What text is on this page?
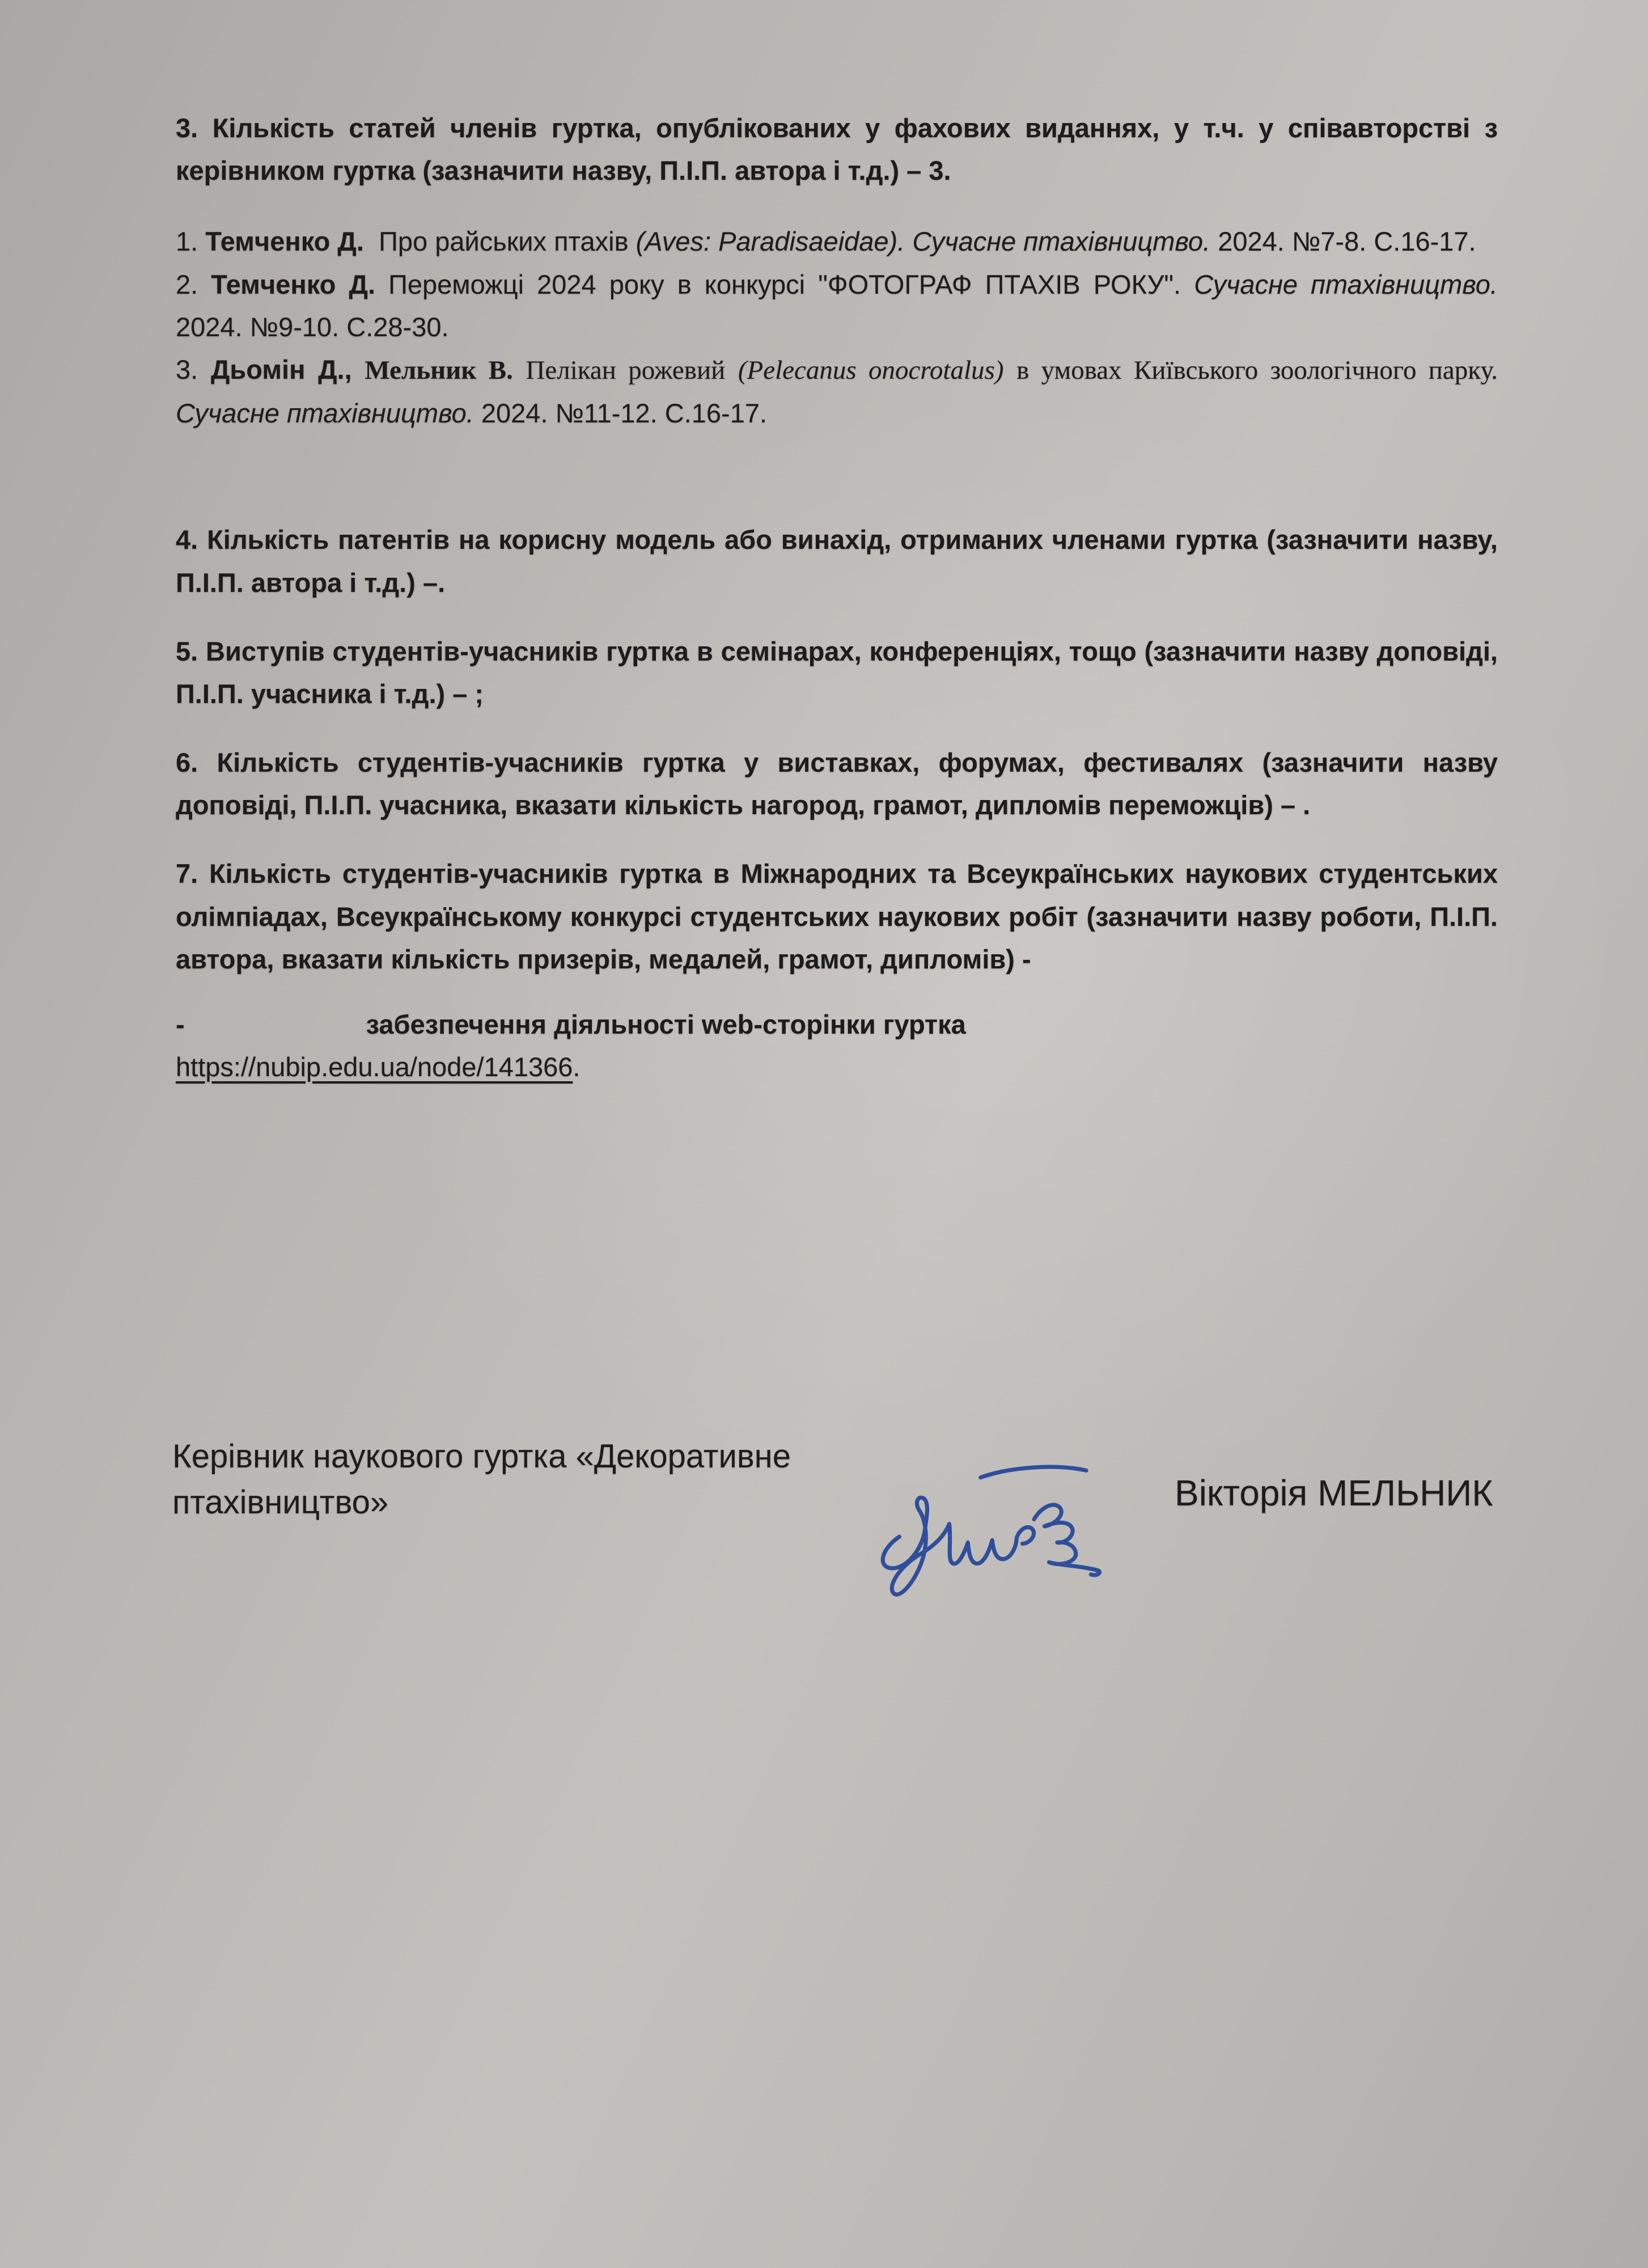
3. Кількість статей членів гуртка, опублікованих у фахових виданнях, у т.ч. у співавторстві з керівником гуртка (зазначити назву, П.І.П. автора і т.д.) – 3.

1. Темченко Д. Про райських птахів (Aves: Paradisaeidae). Сучасне птахівництво. 2024. №7-8. С.16-17.

2. Темченко Д. Переможці 2024 року в конкурсі "ФОТОГРАФ ПТАХІВ РОКУ". Сучасне птахівництво. 2024. №9-10. С.28-30.

3. Дьомін Д., Мельник В. Пелікан рожевий (Pelecanus onocrotalus) в умовах Київського зоологічного парку. Сучасне птахівництво. 2024. №11-12. С.16-17.

4. Кількість патентів на корисну модель або винахід, отриманих членами гуртка (зазначити назву, П.І.П. автора і т.д.) –.

5. Виступів студентів-учасників гуртка в семінарах, конференціях, тощо (зазначити назву доповіді, П.І.П. учасника і т.д.) – ;

6. Кількість студентів-учасників гуртка у виставках, форумах, фестивалях (зазначити назву доповіді, П.І.П. учасника, вказати кількість нагород, грамот, дипломів переможців) – .

7. Кількість студентів-учасників гуртка в Міжнародних та Всеукраїнських наукових студентських олімпіадах, Всеукраїнському конкурсі студентських наукових робіт (зазначити назву роботи, П.І.П. автора, вказати кількість призерів, медалей, грамот, дипломів) -

-	забезпечення діяльності web-сторінки гуртка

https://nubip.edu.ua/node/141366.

Керівник наукового гуртка «Декоративне птахівництво»	Вікторія МЕЛЬНИК
